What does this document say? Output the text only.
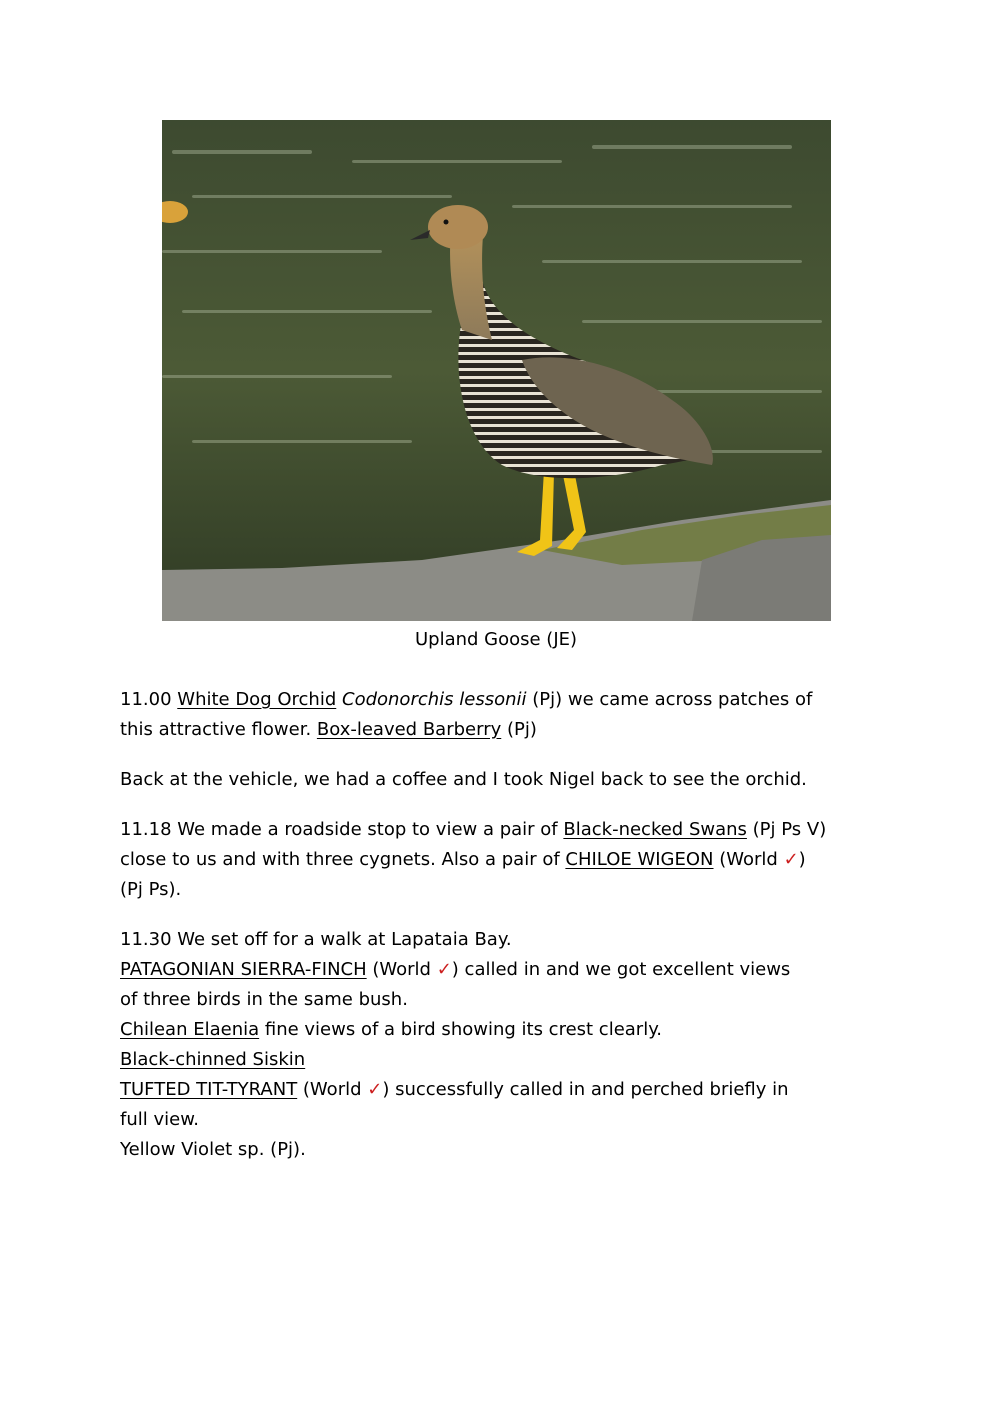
Upland Goose (JE)

11.00 White Dog Orchid Codonorchis lessonii (Pj) we came across patches of

this attractive flower. Box-leaved Barberry (Pj)

Back at the vehicle, we had a coffee and I took Nigel back to see the orchid.

11.18 We made a roadside stop to view a pair of Black-necked Swans (Pj Ps V)

close to us and with three cygnets. Also a pair of CHILOE WIGEON (World ✓)

(Pj Ps).

11.30 We set off for a walk at Lapataia Bay.

PATAGONIAN SIERRA-FINCH (World ✓) called in and we got excellent views

of three birds in the same bush.

Chilean Elaenia fine views of a bird showing its crest clearly.

Black-chinned Siskin

TUFTED TIT-TYRANT (World ✓) successfully called in and perched briefly in

full view.

Yellow Violet sp. (Pj).
